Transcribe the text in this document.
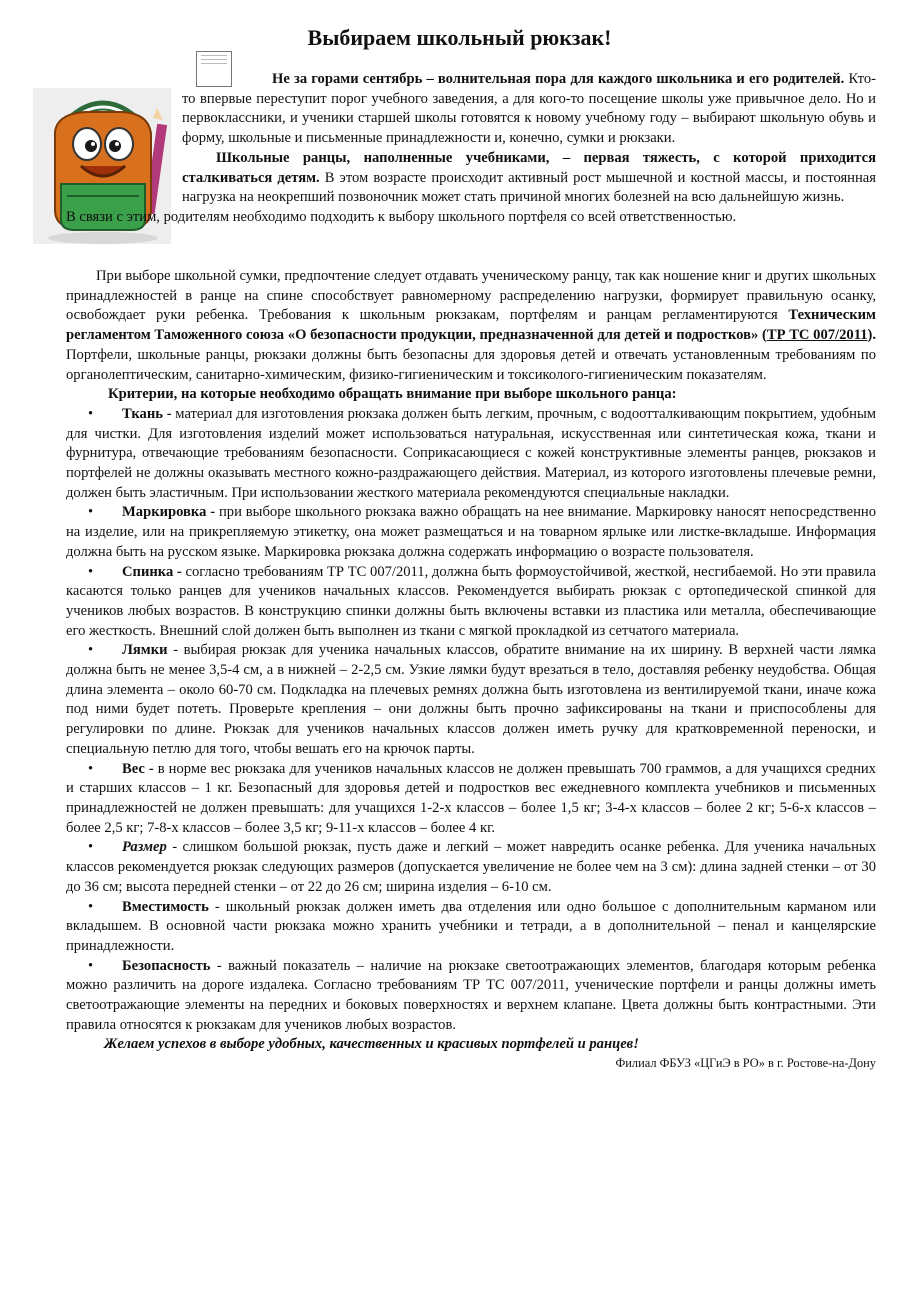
Выбираем школьный рюкзак!

Не за горами сентябрь – волнительная пора для каждого школьника и его родителей. Кто-то впервые переступит порог учебного заведения, а для кого-то посещение школы уже привычное дело. Но и первоклассники, и ученики старшей школы готовятся к новому учебному году – выбирают школьную обувь и форму, школьные и письменные принадлежности и, конечно, сумки и рюкзаки.

Школьные ранцы, наполненные учебниками, – первая тяжесть, с которой приходится сталкиваться детям. В этом возрасте происходит активный рост мышечной и костной массы, и постоянная нагрузка на неокрепший позвоночник может стать причиной многих болезней на всю дальнейшую жизнь.

В связи с этим, родителям необходимо подходить к выбору школьного портфеля со всей ответственностью.

При выборе школьной сумки, предпочтение следует отдавать ученическому ранцу, так как ношение книг и других школьных принадлежностей в ранце на спине способствует равномерному распределению нагрузки, формирует правильную осанку, освобождает руки ребенка. Требования к школьным рюкзакам, портфелям и ранцам регламентируются Техническим регламентом Таможенного союза «О безопасности продукции, предназначенной для детей и подростков» (ТР ТС 007/2011). Портфели, школьные ранцы, рюкзаки должны быть безопасны для здоровья детей и отвечать установленным требованиям по органолептическим, санитарно-химическим, физико-гигиеническим и токсиколого-гигиеническим показателям.

Критерии, на которые необходимо обращать внимание при выборе школьного ранца:

• Ткань - материал для изготовления рюкзака должен быть легким, прочным, с водоотталкивающим покрытием, удобным для чистки. Для изготовления изделий может использоваться натуральная, искусственная или синтетическая кожа, ткани и фурнитура, отвечающие требованиям безопасности. Соприкасающиеся с кожей конструктивные элементы ранцев, рюкзаков и портфелей не должны оказывать местного кожно-раздражающего действия. Материал, из которого изготовлены плечевые ремни, должен быть эластичным. При использовании жесткого материала рекомендуются специальные накладки.

• Маркировка - при выборе школьного рюкзака важно обращать на нее внимание. Маркировку наносят непосредственно на изделие, или на прикрепляемую этикетку, она может размещаться и на товарном ярлыке или листке-вкладыше. Информация должна быть на русском языке. Маркировка рюкзака должна содержать информацию о возрасте пользователя.

• Спинка - согласно требованиям ТР ТС 007/2011, должна быть формоустойчивой, жесткой, несгибаемой. Но эти правила касаются только ранцев для учеников начальных классов. Рекомендуется выбирать рюкзак с ортопедической спинкой для учеников любых возрастов. В конструкцию спинки должны быть включены вставки из пластика или металла, обеспечивающие его жесткость. Внешний слой должен быть выполнен из ткани с мягкой прокладкой из сетчатого материала.

• Лямки - выбирая рюкзак для ученика начальных классов, обратите внимание на их ширину. В верхней части лямка должна быть не менее 3,5-4 см, а в нижней – 2-2,5 см. Узкие лямки будут врезаться в тело, доставляя ребенку неудобства. Общая длина элемента – около 60-70 см. Подкладка на плечевых ремнях должна быть изготовлена из вентилируемой ткани, иначе кожа под ними будет потеть. Проверьте крепления – они должны быть прочно зафиксированы на ткани и приспособлены для регулировки по длине. Рюкзак для учеников начальных классов должен иметь ручку для кратковременной переноски, и специальную петлю для того, чтобы вешать его на крючок парты.

• Вес - в норме вес рюкзака для учеников начальных классов не должен превышать 700 граммов, а для учащихся средних и старших классов – 1 кг. Безопасный для здоровья детей и подростков вес ежедневного комплекта учебников и письменных принадлежностей не должен превышать: для учащихся 1-2-х классов – более 1,5 кг; 3-4-х классов – более 2 кг; 5-6-х классов – более 2,5 кг; 7-8-х классов – более 3,5 кг; 9-11-х классов – более 4 кг.

• Размер - слишком большой рюкзак, пусть даже и легкий – может навредить осанке ребенка. Для ученика начальных классов рекомендуется рюкзак следующих размеров (допускается увеличение не более чем на 3 см): длина задней стенки – от 30 до 36 см; высота передней стенки – от 22 до 26 см; ширина изделия – 6-10 см.

• Вместимость - школьный рюкзак должен иметь два отделения или одно большое с дополнительным карманом или вкладышем. В основной части рюкзака можно хранить учебники и тетради, а в дополнительной – пенал и канцелярские принадлежности.

• Безопасность - важный показатель – наличие на рюкзаке светоотражающих элементов, благодаря которым ребенка можно различить на дороге издалека. Согласно требованиям ТР ТС 007/2011, ученические портфели и ранцы должны иметь светоотражающие элементы на передних и боковых поверхностях и верхнем клапане. Цвета должны быть контрастными. Эти правила относятся к рюкзакам для учеников любых возрастов.

Желаем успехов в выборе удобных, качественных и красивых портфелей и ранцев!

Филиал ФБУЗ «ЦГиЭ в РО» в г. Ростове-на-Дону
